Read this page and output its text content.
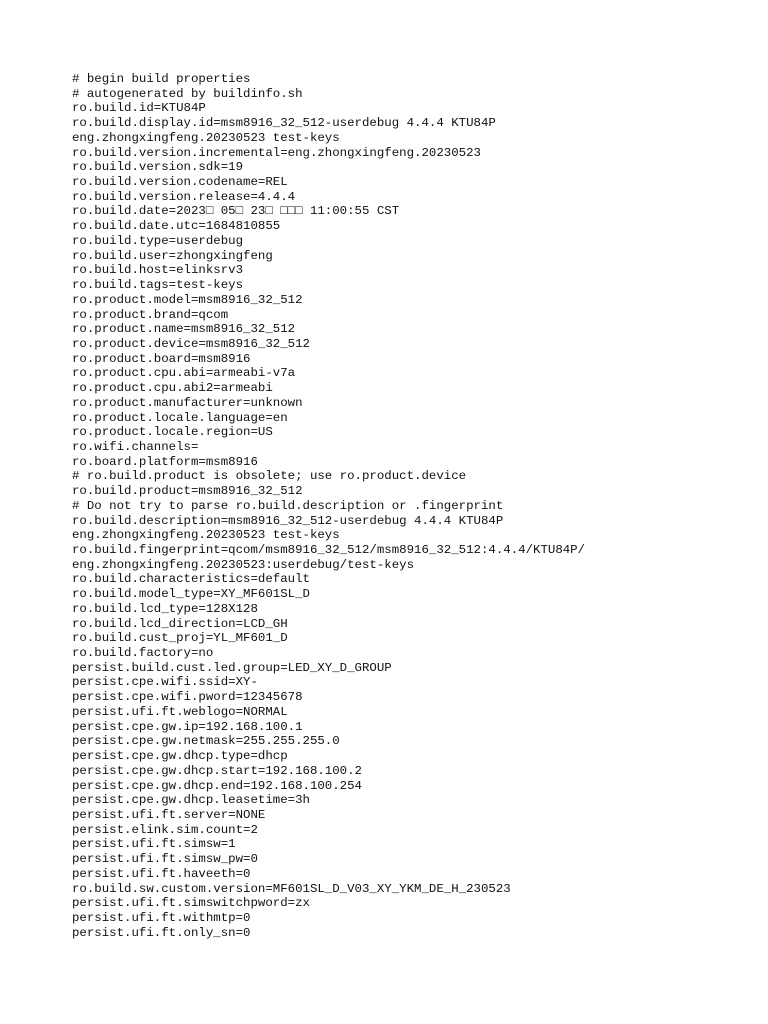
# begin build properties
# autogenerated by buildinfo.sh
ro.build.id=KTU84P
ro.build.display.id=msm8916_32_512-userdebug 4.4.4 KTU84P
eng.zhongxingfeng.20230523 test-keys
ro.build.version.incremental=eng.zhongxingfeng.20230523
ro.build.version.sdk=19
ro.build.version.codename=REL
ro.build.version.release=4.4.4
ro.build.date=2023□ 05□ 23□ □□□ 11:00:55 CST
ro.build.date.utc=1684810855
ro.build.type=userdebug
ro.build.user=zhongxingfeng
ro.build.host=elinksrv3
ro.build.tags=test-keys
ro.product.model=msm8916_32_512
ro.product.brand=qcom
ro.product.name=msm8916_32_512
ro.product.device=msm8916_32_512
ro.product.board=msm8916
ro.product.cpu.abi=armeabi-v7a
ro.product.cpu.abi2=armeabi
ro.product.manufacturer=unknown
ro.product.locale.language=en
ro.product.locale.region=US
ro.wifi.channels=
ro.board.platform=msm8916
# ro.build.product is obsolete; use ro.product.device
ro.build.product=msm8916_32_512
# Do not try to parse ro.build.description or .fingerprint
ro.build.description=msm8916_32_512-userdebug 4.4.4 KTU84P
eng.zhongxingfeng.20230523 test-keys
ro.build.fingerprint=qcom/msm8916_32_512/msm8916_32_512:4.4.4/KTU84P/
eng.zhongxingfeng.20230523:userdebug/test-keys
ro.build.characteristics=default
ro.build.model_type=XY_MF601SL_D
ro.build.lcd_type=128X128
ro.build.lcd_direction=LCD_GH
ro.build.cust_proj=YL_MF601_D
ro.build.factory=no
persist.build.cust.led.group=LED_XY_D_GROUP
persist.cpe.wifi.ssid=XY-
persist.cpe.wifi.pword=12345678
persist.ufi.ft.weblogo=NORMAL
persist.cpe.gw.ip=192.168.100.1
persist.cpe.gw.netmask=255.255.255.0
persist.cpe.gw.dhcp.type=dhcp
persist.cpe.gw.dhcp.start=192.168.100.2
persist.cpe.gw.dhcp.end=192.168.100.254
persist.cpe.gw.dhcp.leasetime=3h
persist.ufi.ft.server=NONE
persist.elink.sim.count=2
persist.ufi.ft.simsw=1
persist.ufi.ft.simsw_pw=0
persist.ufi.ft.haveeth=0
ro.build.sw.custom.version=MF601SL_D_V03_XY_YKM_DE_H_230523
persist.ufi.ft.simswitchpword=zx
persist.ufi.ft.withmtp=0
persist.ufi.ft.only_sn=0
